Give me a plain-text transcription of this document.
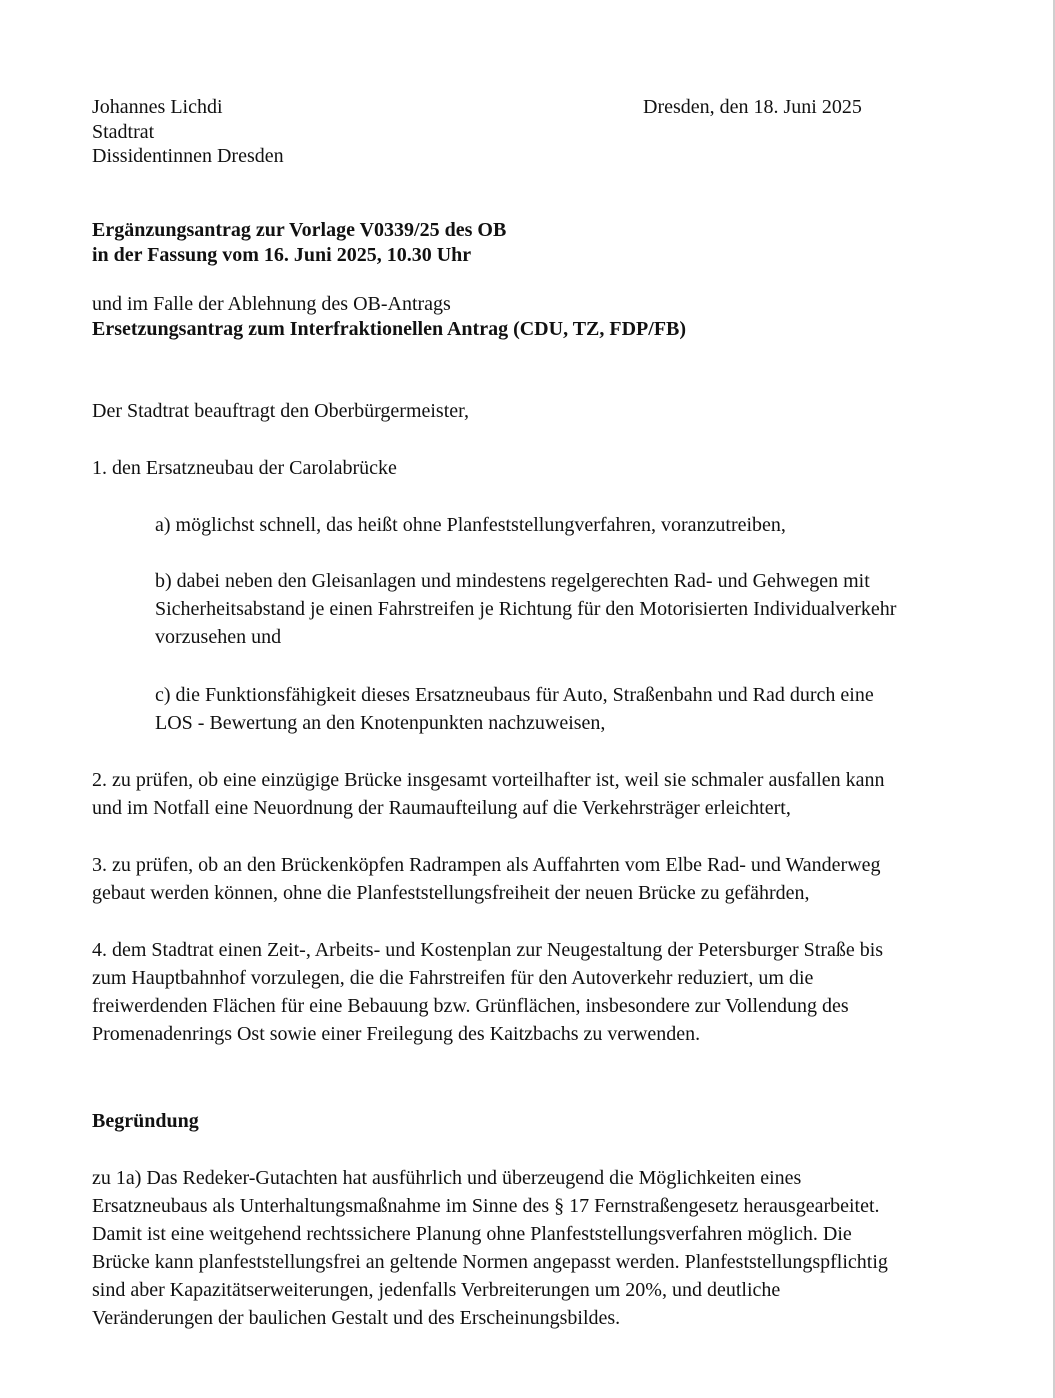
Johannes Lichdi
Stadtrat
Dissidentinnen Dresden
Dresden, den 18. Juni 2025
Ergänzungsantrag zur Vorlage V0339/25 des OB
in der Fassung vom 16. Juni 2025, 10.30 Uhr
und im Falle der Ablehnung des OB-Antrags
Ersetzungsantrag zum Interfraktionellen Antrag (CDU, TZ, FDP/FB)
Der Stadtrat beauftragt den Oberbürgermeister,
1. den Ersatzneubau der Carolabrücke
a) möglichst schnell, das heißt ohne Planfeststellungverfahren, voranzutreiben,
b) dabei neben den Gleisanlagen und mindestens regelgerechten Rad- und Gehwegen mit
Sicherheitsabstand je einen Fahrstreifen je Richtung für den Motorisierten Individualverkehr
vorzusehen und
c) die Funktionsfähigkeit dieses Ersatzneubaus für Auto, Straßenbahn und Rad durch eine
LOS - Bewertung an den Knotenpunkten nachzuweisen,
2. zu prüfen, ob eine einzügige Brücke insgesamt vorteilhafter ist, weil sie schmaler ausfallen kann
und im Notfall eine Neuordnung der Raumaufteilung auf die Verkehrsträger erleichtert,
3. zu prüfen, ob an den Brückenköpfen Radrampen als Auffahrten vom Elbe Rad- und Wanderweg
gebaut werden können, ohne die Planfeststellungsfreiheit der neuen Brücke zu gefährden,
4. dem Stadtrat einen Zeit-, Arbeits- und Kostenplan zur Neugestaltung der Petersburger Straße bis
zum Hauptbahnhof vorzulegen, die die Fahrstreifen für den Autoverkehr reduziert, um die
freiwerdenden Flächen für eine Bebauung bzw. Grünflächen, insbesondere zur Vollendung des
Promenadenrings Ost sowie einer Freilegung des Kaitzbachs zu verwenden.
Begründung
zu 1a) Das Redeker-Gutachten hat ausführlich und überzeugend die Möglichkeiten eines
Ersatzneubaus als Unterhaltungsmaßnahme im Sinne des § 17 Fernstraßengesetz herausgearbeitet.
Damit ist eine weitgehend rechtssichere Planung ohne Planfeststellungsverfahren möglich. Die
Brücke kann planfeststellungsfrei an geltende Normen angepasst werden. Planfeststellungspflichtig
sind aber Kapazitätserweiterungen, jedenfalls Verbreiterungen um 20%, und deutliche
Veränderungen der baulichen Gestalt und des Erscheinungsbildes.
